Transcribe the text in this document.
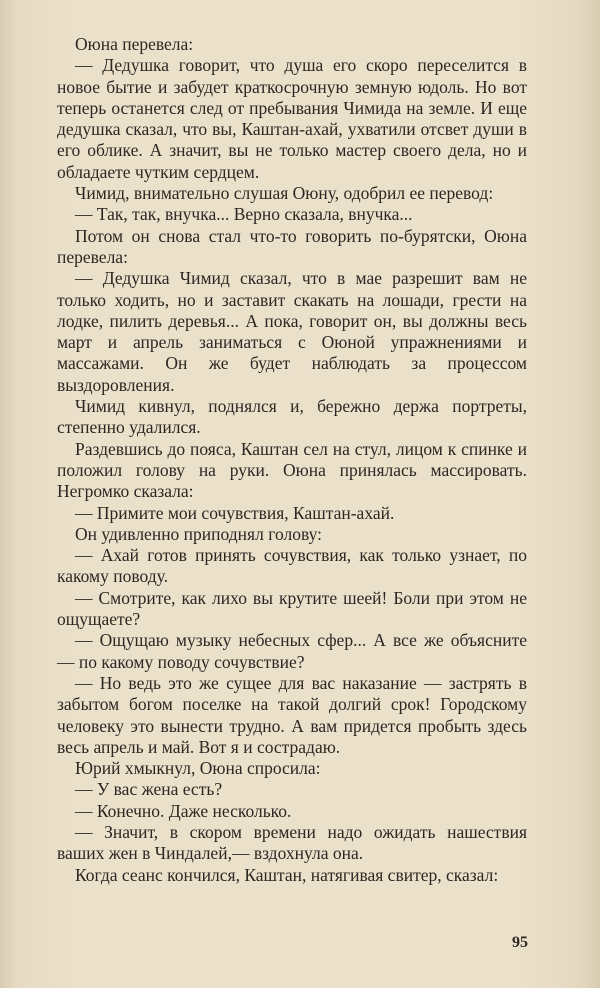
Оюна перевела:

— Дедушка говорит, что душа его скоро переселится в новое бытие и забудет краткосрочную земную юдоль. Но вот теперь останется след от пребывания Чимида на земле. И еще дедушка сказал, что вы, Каштан-ахай, ухватили отсвет души в его облике. А значит, вы не только мастер своего дела, но и обладаете чутким сердцем.

Чимид, внимательно слушая Оюну, одобрил ее перевод:

— Так, так, внучка... Верно сказала, внучка...

Потом он снова стал что-то говорить по-бурятски, Оюна перевела:

— Дедушка Чимид сказал, что в мае разрешит вам не только ходить, но и заставит скакать на лошади, грести на лодке, пилить деревья... А пока, говорит он, вы должны весь март и апрель заниматься с Оюной упражнениями и массажами. Он же будет наблюдать за процессом выздоровления.

Чимид кивнул, поднялся и, бережно держа портреты, степенно удалился.

Раздевшись до пояса, Каштан сел на стул, лицом к спинке и положил голову на руки. Оюна принялась массировать. Негромко сказала:

— Примите мои сочувствия, Каштан-ахай.

Он удивленно приподнял голову:

— Ахай готов принять сочувствия, как только узнает, по какому поводу.

— Смотрите, как лихо вы крутите шеей! Боли при этом не ощущаете?

— Ощущаю музыку небесных сфер... А все же объясните — по какому поводу сочувствие?

— Но ведь это же сущее для вас наказание — застрять в забытом богом поселке на такой долгий срок! Городскому человеку это вынести трудно. А вам придется пробыть здесь весь апрель и май. Вот я и сострадаю.

Юрий хмыкнул, Оюна спросила:

— У вас жена есть?

— Конечно. Даже несколько.

— Значит, в скором времени надо ожидать нашествия ваших жен в Чиндалей,— вздохнула она.

Когда сеанс кончился, Каштан, натягивая свитер, сказал:

95
